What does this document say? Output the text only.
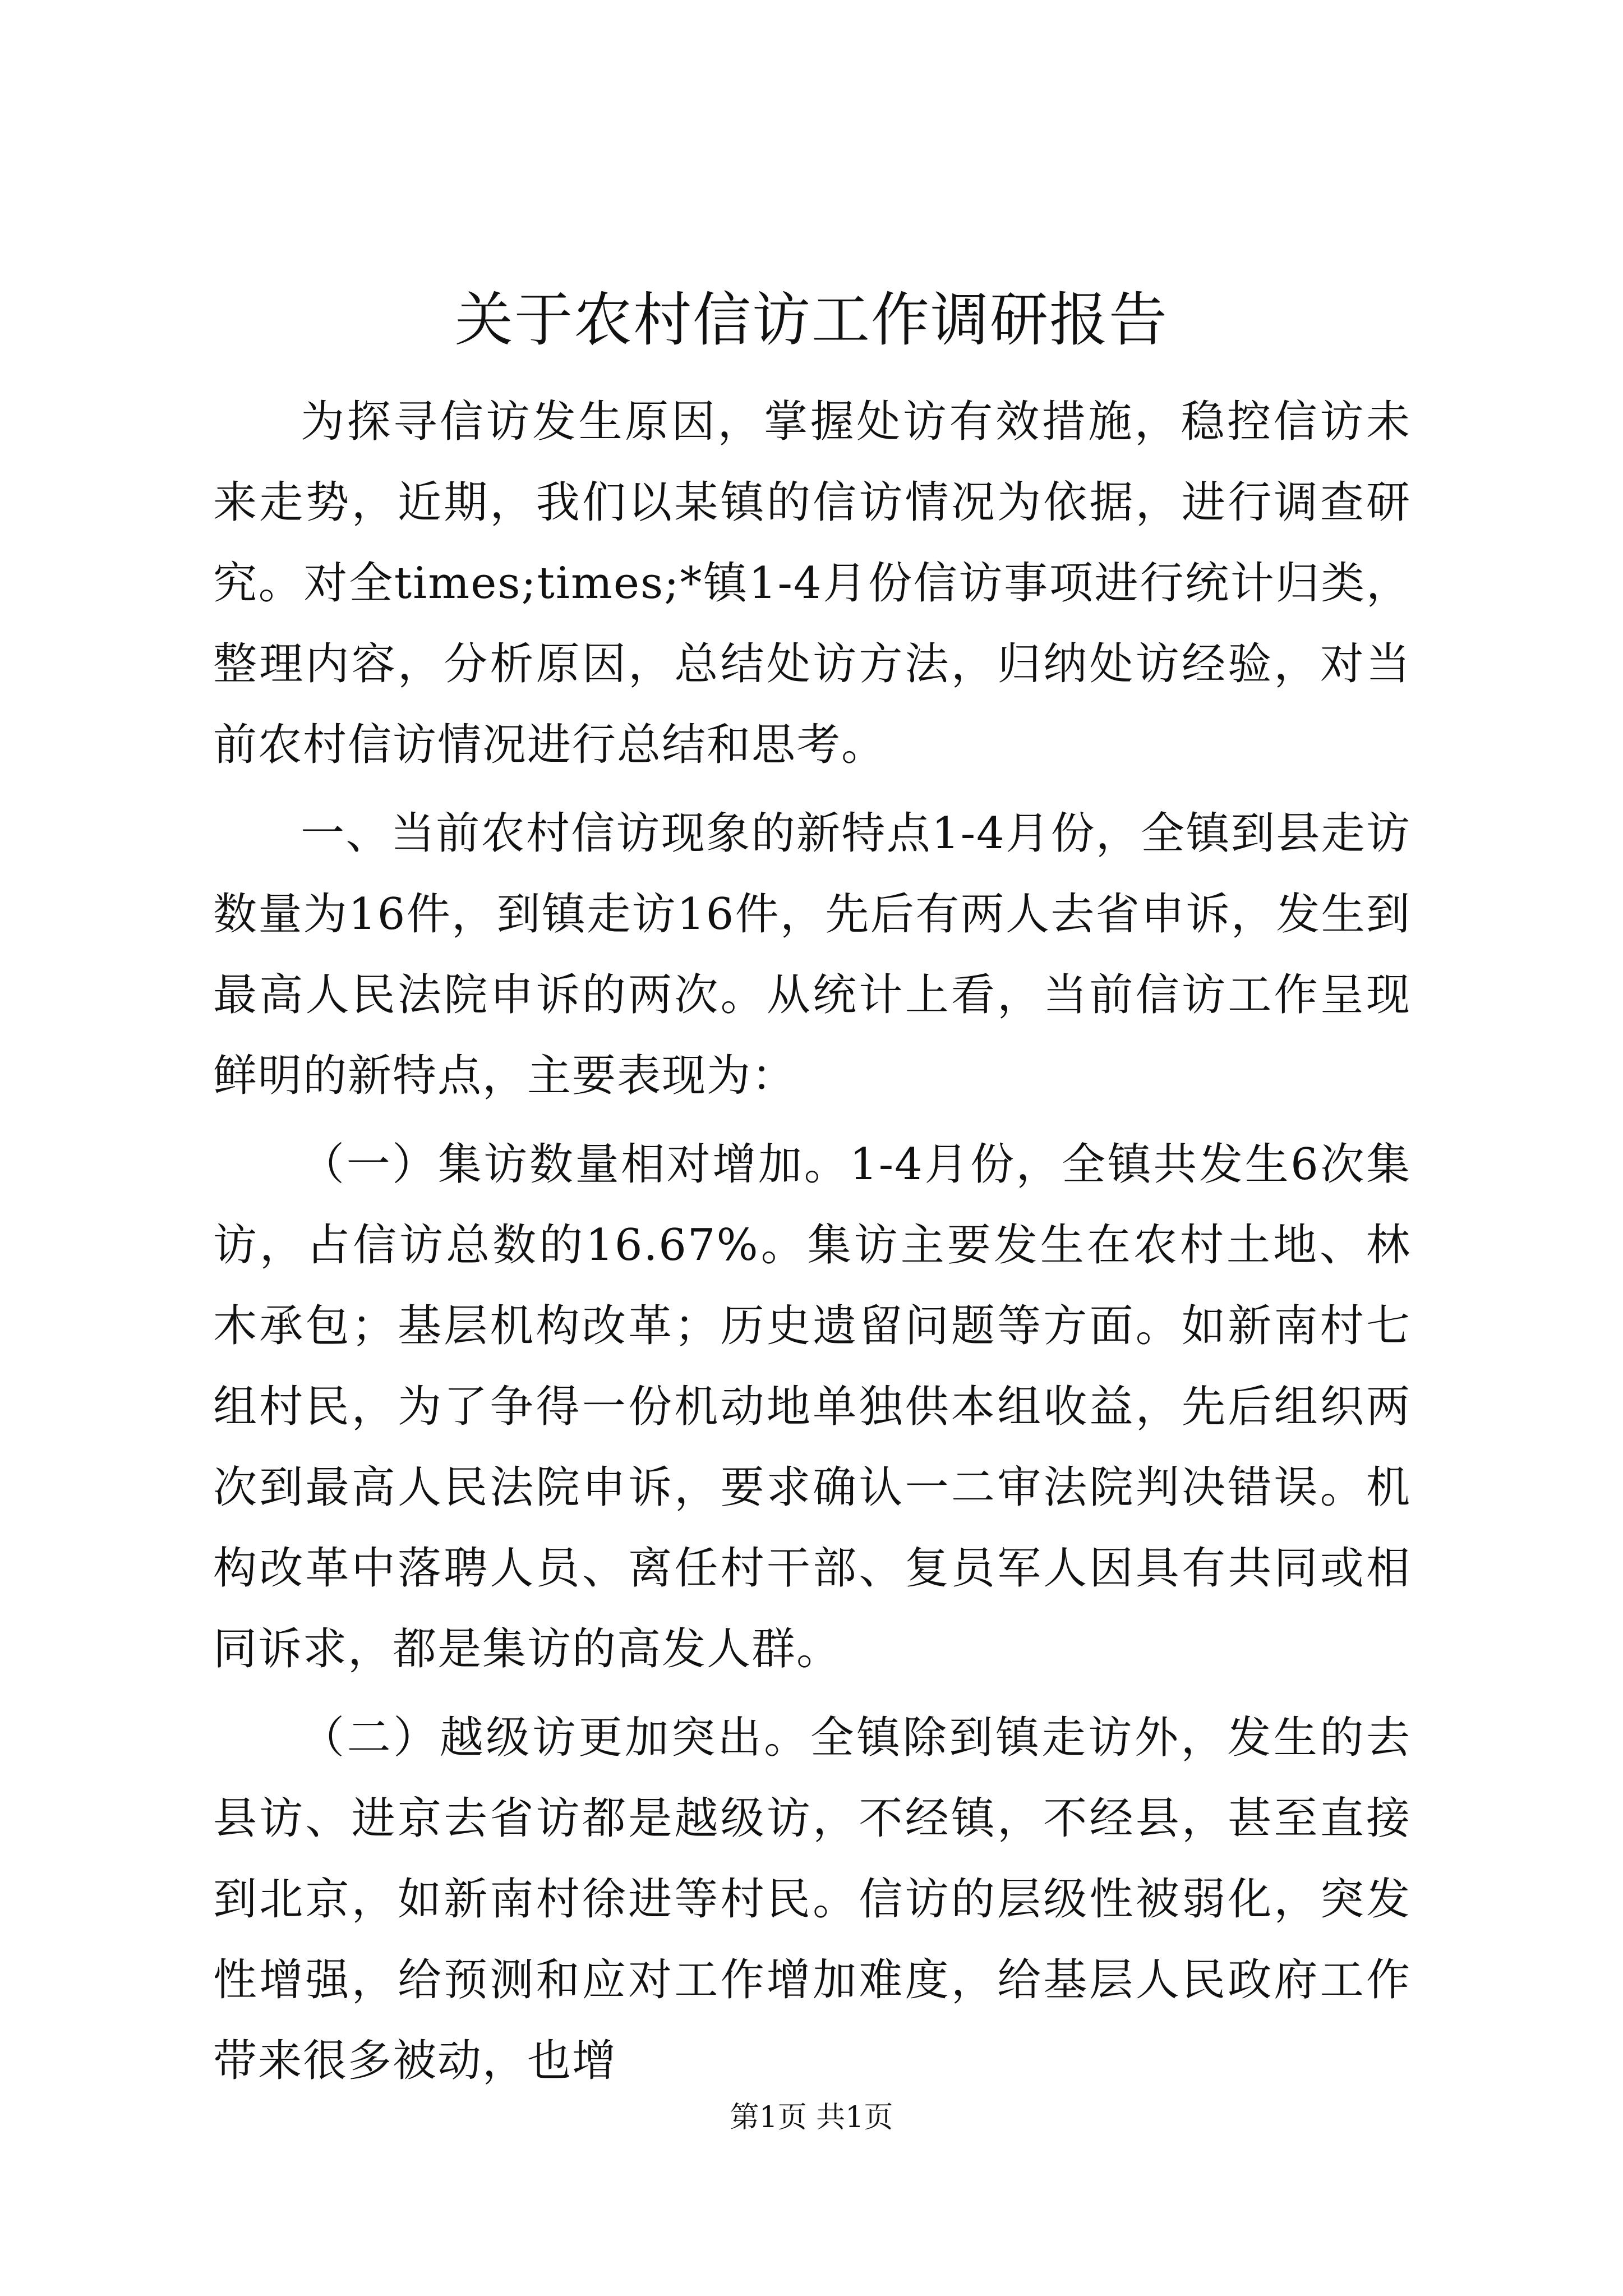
关于农村信访工作调研报告

为探寻信访发生原因，掌握处访有效措施，稳控信访未来走势，近期，我们以某镇的信访情况为依据，进行调查研究。对全times;times;*镇1-4月份信访事项进行统计归类，整理内容，分析原因，总结处访方法，归纳处访经验，对当前农村信访情况进行总结和思考。

一、当前农村信访现象的新特点1-4月份，全镇到县走访数量为16件，到镇走访16件，先后有两人去省申诉，发生到最高人民法院申诉的两次。从统计上看，当前信访工作呈现鲜明的新特点，主要表现为：

（一）集访数量相对增加。1-4月份，全镇共发生6次集访，占信访总数的16.67%。集访主要发生在农村土地、林木承包；基层机构改革；历史遗留问题等方面。如新南村七组村民，为了争得一份机动地单独供本组收益，先后组织两次到最高人民法院申诉，要求确认一二审法院判决错误。机构改革中落聘人员、离任村干部、复员军人因具有共同或相同诉求，都是集访的高发人群。

（二）越级访更加突出。全镇除到镇走访外，发生的去县访、进京去省访都是越级访，不经镇，不经县，甚至直接到北京，如新南村徐进等村民。信访的层级性被弱化，突发性增强，给预测和应对工作增加难度，给基层人民政府工作带来很多被动，也增

第1页 共1页
